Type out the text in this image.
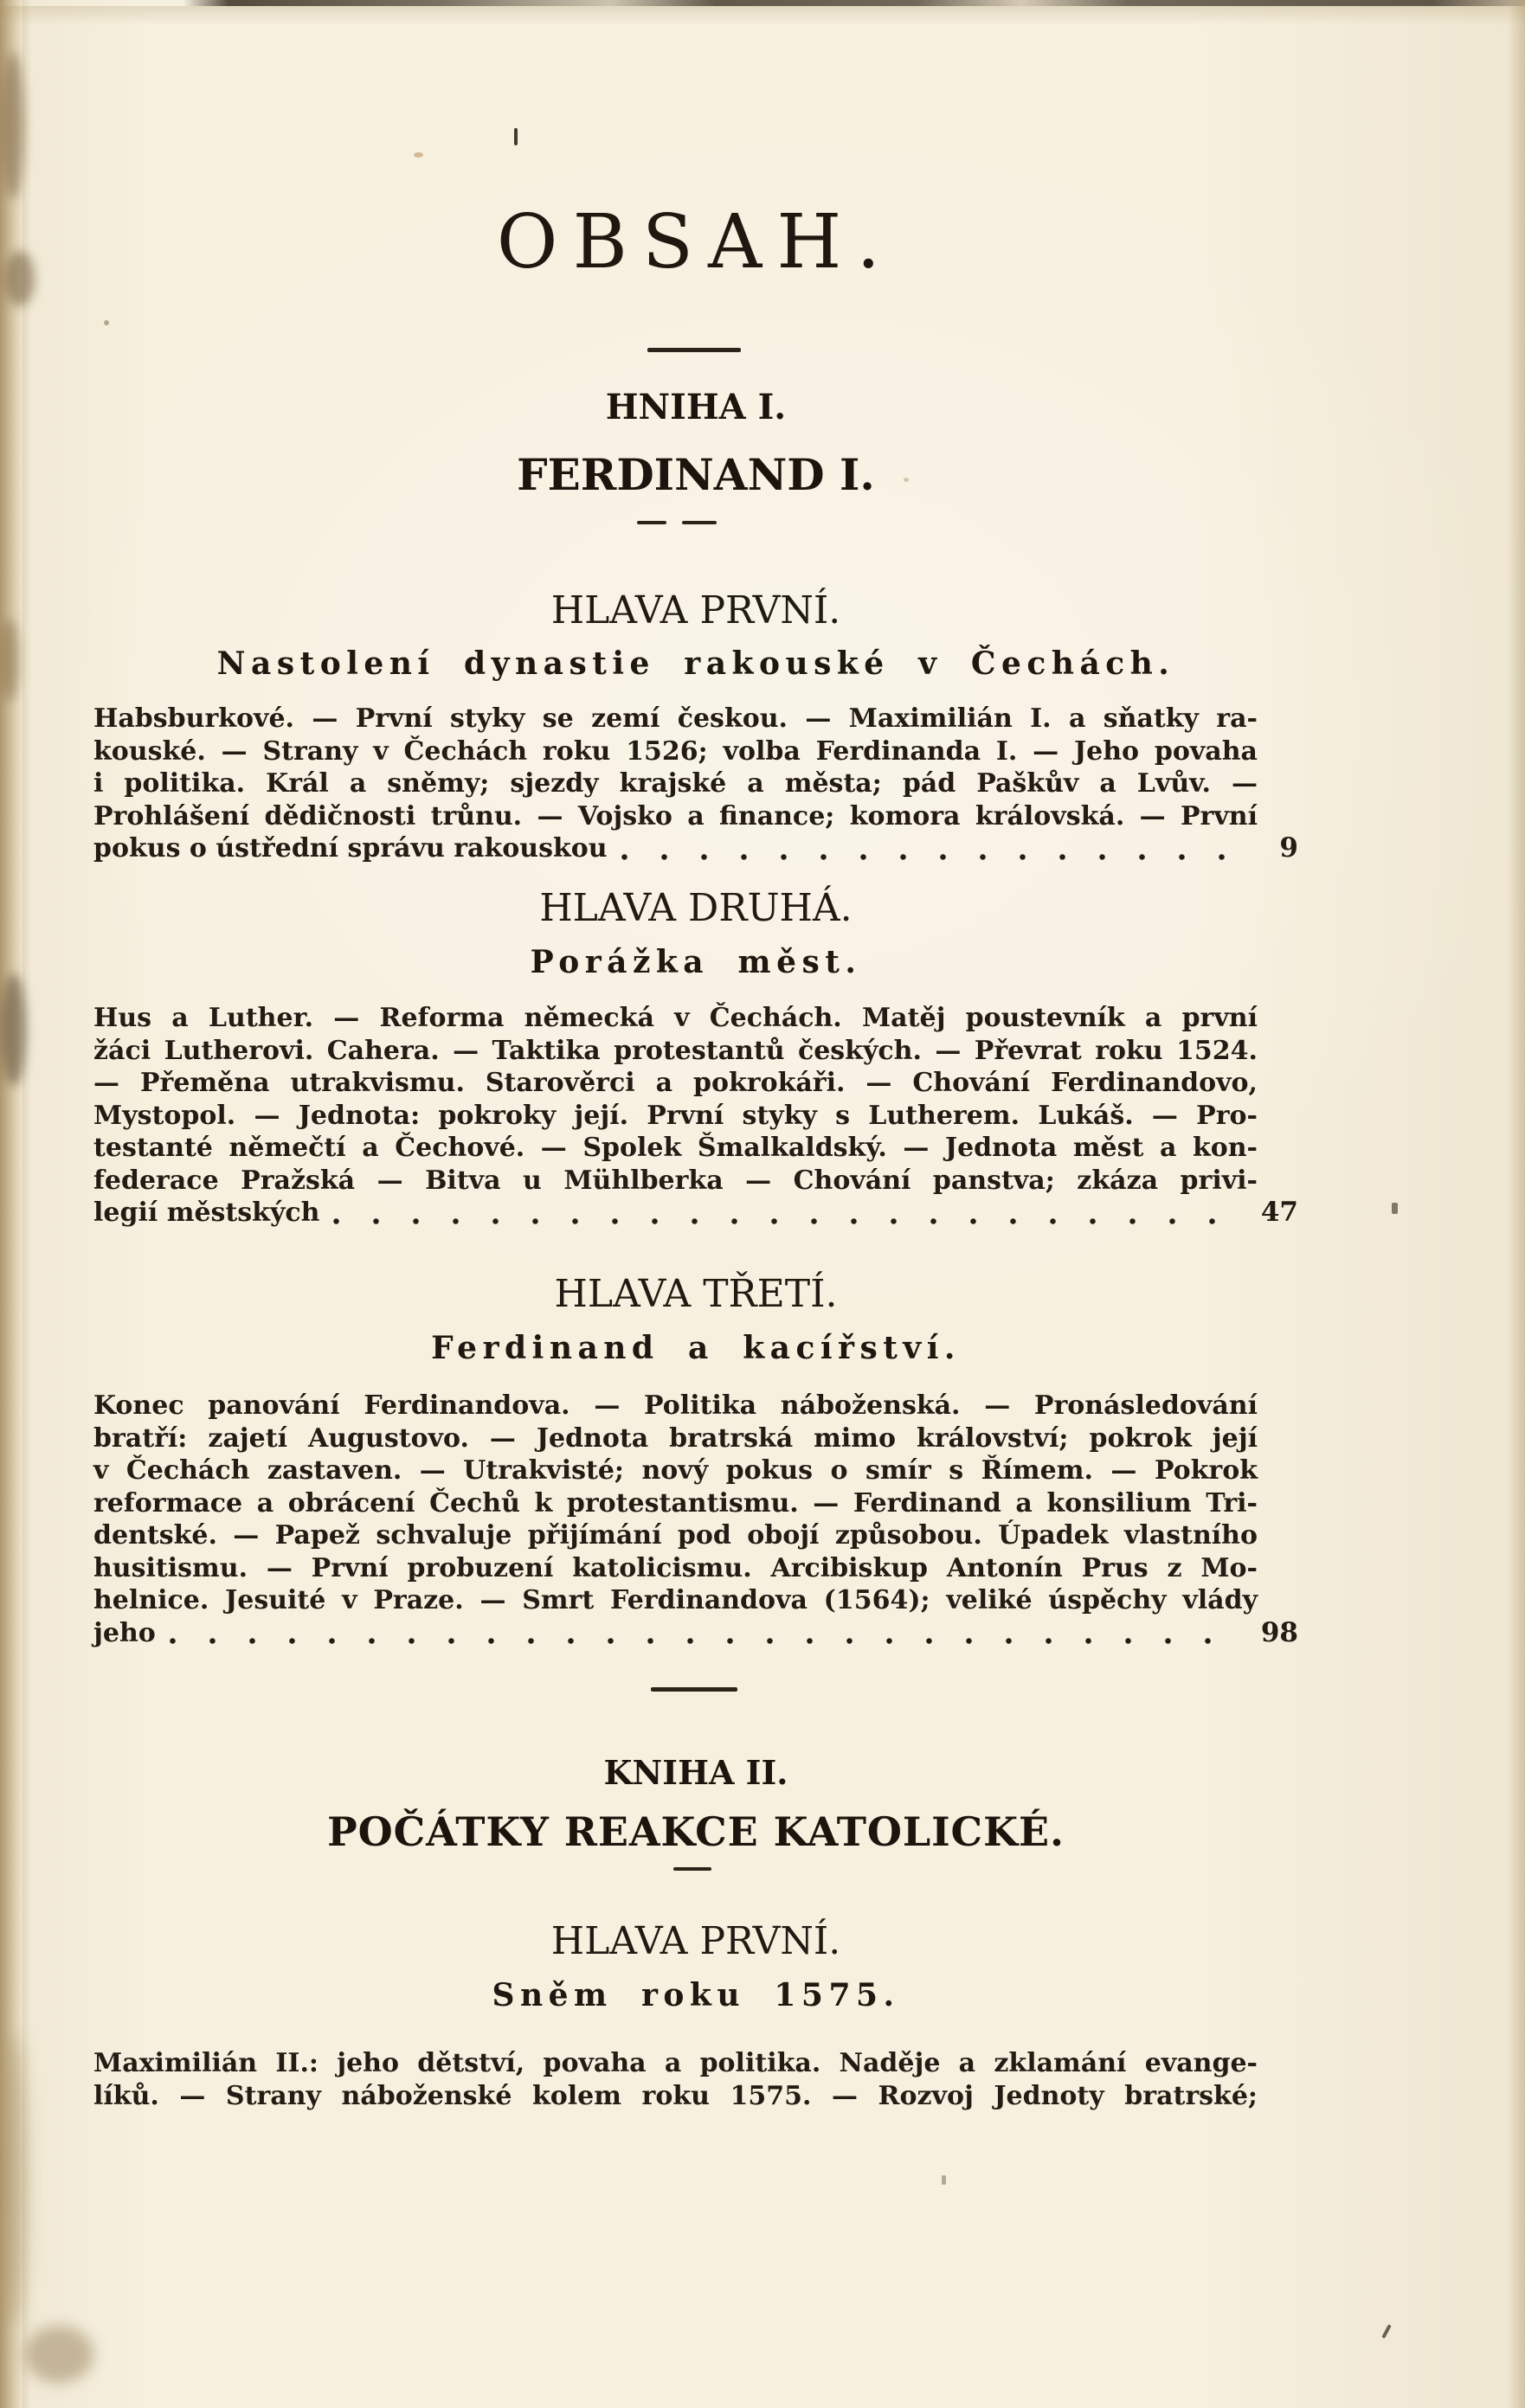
OBSAH.
HNIHA I.
FERDINAND I.
HLAVA PRVNÍ.
Nastolení dynastie rakouské v Čechách.
Habsburkové. — První styky se zemí českou. — Maximilián I. a sňatky ra-
kouské. — Strany v Čechách roku 1526; volba Ferdinanda I. — Jeho povaha
i politika. Král a sněmy; sjezdy krajské a města; pád Paškův a Lvův. —
Prohlášení dědičnosti trůnu. — Vojsko a finance; komora královská. — První
pokus o ústřední správu rakouskou	9
HLAVA DRUHÁ.
Porážka měst.
Hus a Luther. — Reforma německá v Čechách. Matěj poustevník a první
žáci Lutherovi. Cahera. — Taktika protestantů českých. — Převrat roku 1524.
— Přeměna utrakvismu. Starověrci a pokrokáři. — Chování Ferdinandovo,
Mystopol. — Jednota: pokroky její. První styky s Lutherem. Lukáš. — Pro-
testanté němečtí a Čechové. — Spolek Šmalkaldský. — Jednota měst a kon-
federace Pražská — Bitva u Mühlberka — Chování panstva; zkáza privi-
legií městských	47
HLAVA TŘETÍ.
Ferdinand a kacířství.
Konec panování Ferdinandova. — Politika náboženská. — Pronásledování
bratří: zajetí Augustovo. — Jednota bratrská mimo království; pokrok její
v Čechách zastaven. — Utrakvisté; nový pokus o smír s Římem. — Pokrok
reformace a obrácení Čechů k protestantismu. — Ferdinand a konsilium Tri-
dentské. — Papež schvaluje přijímání pod obojí způsobou. Úpadek vlastního
husitismu. — První probuzení katolicismu. Arcibiskup Antonín Prus z Mo-
helnice. Jesuité v Praze. — Smrt Ferdinandova (1564); veliké úspěchy vlády
jeho	98
KNIHA II.
POČÁTKY REAKCE KATOLICKÉ.
HLAVA PRVNÍ.
Sněm roku 1575.
Maximilián II.: jeho dětství, povaha a politika. Naděje a zklamání evange-
líků. — Strany náboženské kolem roku 1575. — Rozvoj Jednoty bratrské;
